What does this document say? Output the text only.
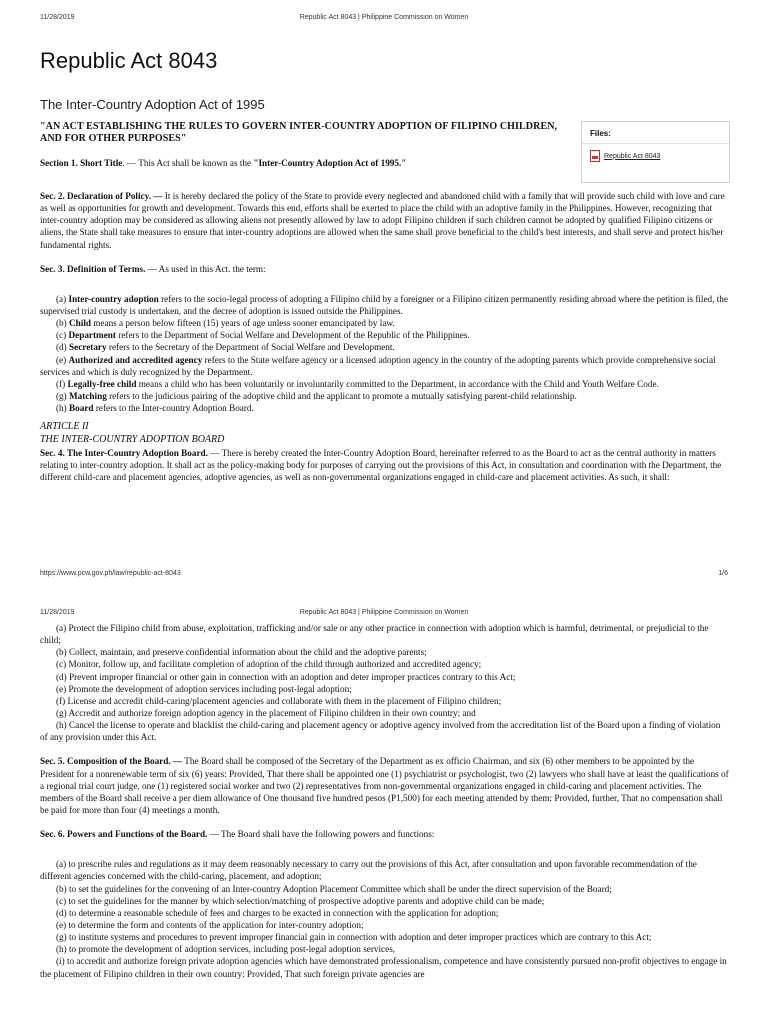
11/28/2019	Republic Act 8043 | Philippine Commission on Women
Republic Act 8043
The Inter-Country Adoption Act of 1995
Files:
Republic Act 8043

"AN ACT ESTABLISHING THE RULES TO GOVERN INTER-COUNTRY ADOPTION OF FILIPINO CHILDREN, AND FOR OTHER PURPOSES"

Section 1. Short Title. — This Act shall be known as the "Inter-Country Adoption Act of 1995."

Sec. 2. Declaration of Policy. — It is hereby declared the policy of the State to provide every neglected and abandoned child with a family that will provide such child with love and care as well as opportunities for growth and development. Towards this end, efforts shall be exerted to place the child with an adoptive family in the Philippines. However, recognizing that inter-country adoption may be considered as allowing aliens not presently allowed by law to adopt Filipino children if such children cannot be adopted by qualified Filipino citizens or aliens, the State shall take measures to ensure that inter-country adoptions are allowed when the same shall prove beneficial to the child's best interests, and shall serve and protect his/her fundamental rights.

Sec. 3. Definition of Terms. — As used in this Act. the term:

(a) Inter-country adoption refers to the socio-legal process of adopting a Filipino child by a foreigner or a Filipino citizen permanently residing abroad where the petition is filed, the supervised trial custody is undertaken, and the decree of adoption is issued outside the Philippines.

(b) Child means a person below fifteen (15) years of age unless sooner emancipated by law.

(c) Department refers to the Department of Social Welfare and Development of the Republic of the Philippines.

(d) Secretary refers to the Secretary of the Department of Social Welfare and Development.

(e) Authorized and accredited agency refers to the State welfare agency or a licensed adoption agency in the country of the adopting parents which provide comprehensive social services and which is duly recognized by the Department.

(f) Legally-free child means a child who has been voluntarily or involuntarily committed to the Department, in accordance with the Child and Youth Welfare Code.

(g) Matching refers to the judicious pairing of the adoptive child and the applicant to promote a mutually satisfying parent-child relationship.

(h) Board refers to the Inter-country Adoption Board.

ARTICLE II

THE INTER-COUNTRY ADOPTION BOARD

Sec. 4. The Inter-Country Adoption Board. — There is hereby created the Inter-Country Adoption Board, hereinafter referred to as the Board to act as the central authority in matters relating to inter-country adoption. It shall act as the policy-making body for purposes of carrying out the provisions of this Act, in consultation and coordination with the Department, the different child-care and placement agencies, adoptive agencies, as well as non-governmental organizations engaged in child-care and placement activities. As such, it shall:

https://www.pcw.gov.ph/law/republic-act-8043	1/6
11/28/2019	Republic Act 8043 | Philippine Commission on Women

(a) Protect the Filipino child from abuse, exploitation, trafficking and/or sale or any other practice in connection with adoption which is harmful, detrimental, or prejudicial to the child;

(b) Collect, maintain, and preserve confidential information about the child and the adoptive parents;

(c) Monitor, follow up, and facilitate completion of adoption of the child through authorized and accredited agency;

(d) Prevent improper financial or other gain in connection with an adoption and deter improper practices contrary to this Act;

(e) Promote the development of adoption services including post-legal adoption;

(f) License and accredit child-caring/placement agencies and collaborate with them in the placement of Filipino children;

(g) Accredit and authorize foreign adoption agency in the placement of Filipino children in their own country; and

(h) Cancel the license to operate and blacklist the child-caring and placement agency or adoptive agency involved from the accreditation list of the Board upon a finding of violation of any provision under this Act.

Sec. 5. Composition of the Board. — The Board shall be composed of the Secretary of the Department as ex officio Chairman, and six (6) other members to be appointed by the President for a nonrenewable term of six (6) years: Provided, That there shall be appointed one (1) psychiatrist or psychologist, two (2) lawyers who shall have at least the qualifications of a regional trial court judge, one (1) registered social worker and two (2) representatives from non-governmental organizations engaged in child-caring and placement activities. The members of the Board shall receive a per diem allowance of One thousand five hundred pesos (P1,500) for each meeting attended by them: Provided, further, That no compensation shall be paid for more than four (4) meetings a month.

Sec. 6. Powers and Functions of the Board. — The Board shall have the following powers and functions:

(a) to prescribe rules and regulations as it may deem reasonably necessary to carry out the provisions of this Act, after consultation and upon favorable recommendation of the different agencies concerned with the child-caring, placement, and adoption;

(b) to set the guidelines for the convening of an Inter-country Adoption Placement Committee which shall be under the direct supervision of the Board;

(c) to set the guidelines for the manner by which selection/matching of prospective adoptive parents and adoptive child can be made;

(d) to determine a reasonable schedule of fees and charges to be exacted in connection with the application for adoption;

(e) to determine the form and contents of the application for inter-country adoption;

(g) to institute systems and procedures to prevent improper financial gain in connection with adoption and deter improper practices which are contrary to this Act;

(h) to promote the development of adoption services, including post-legal adoption services,

(i) to accredit and authorize foreign private adoption agencies which have demonstrated professionalism, competence and have consistently pursued non-profit objectives to engage in the placement of Filipino children in their own country: Provided, That such foreign private agencies are
